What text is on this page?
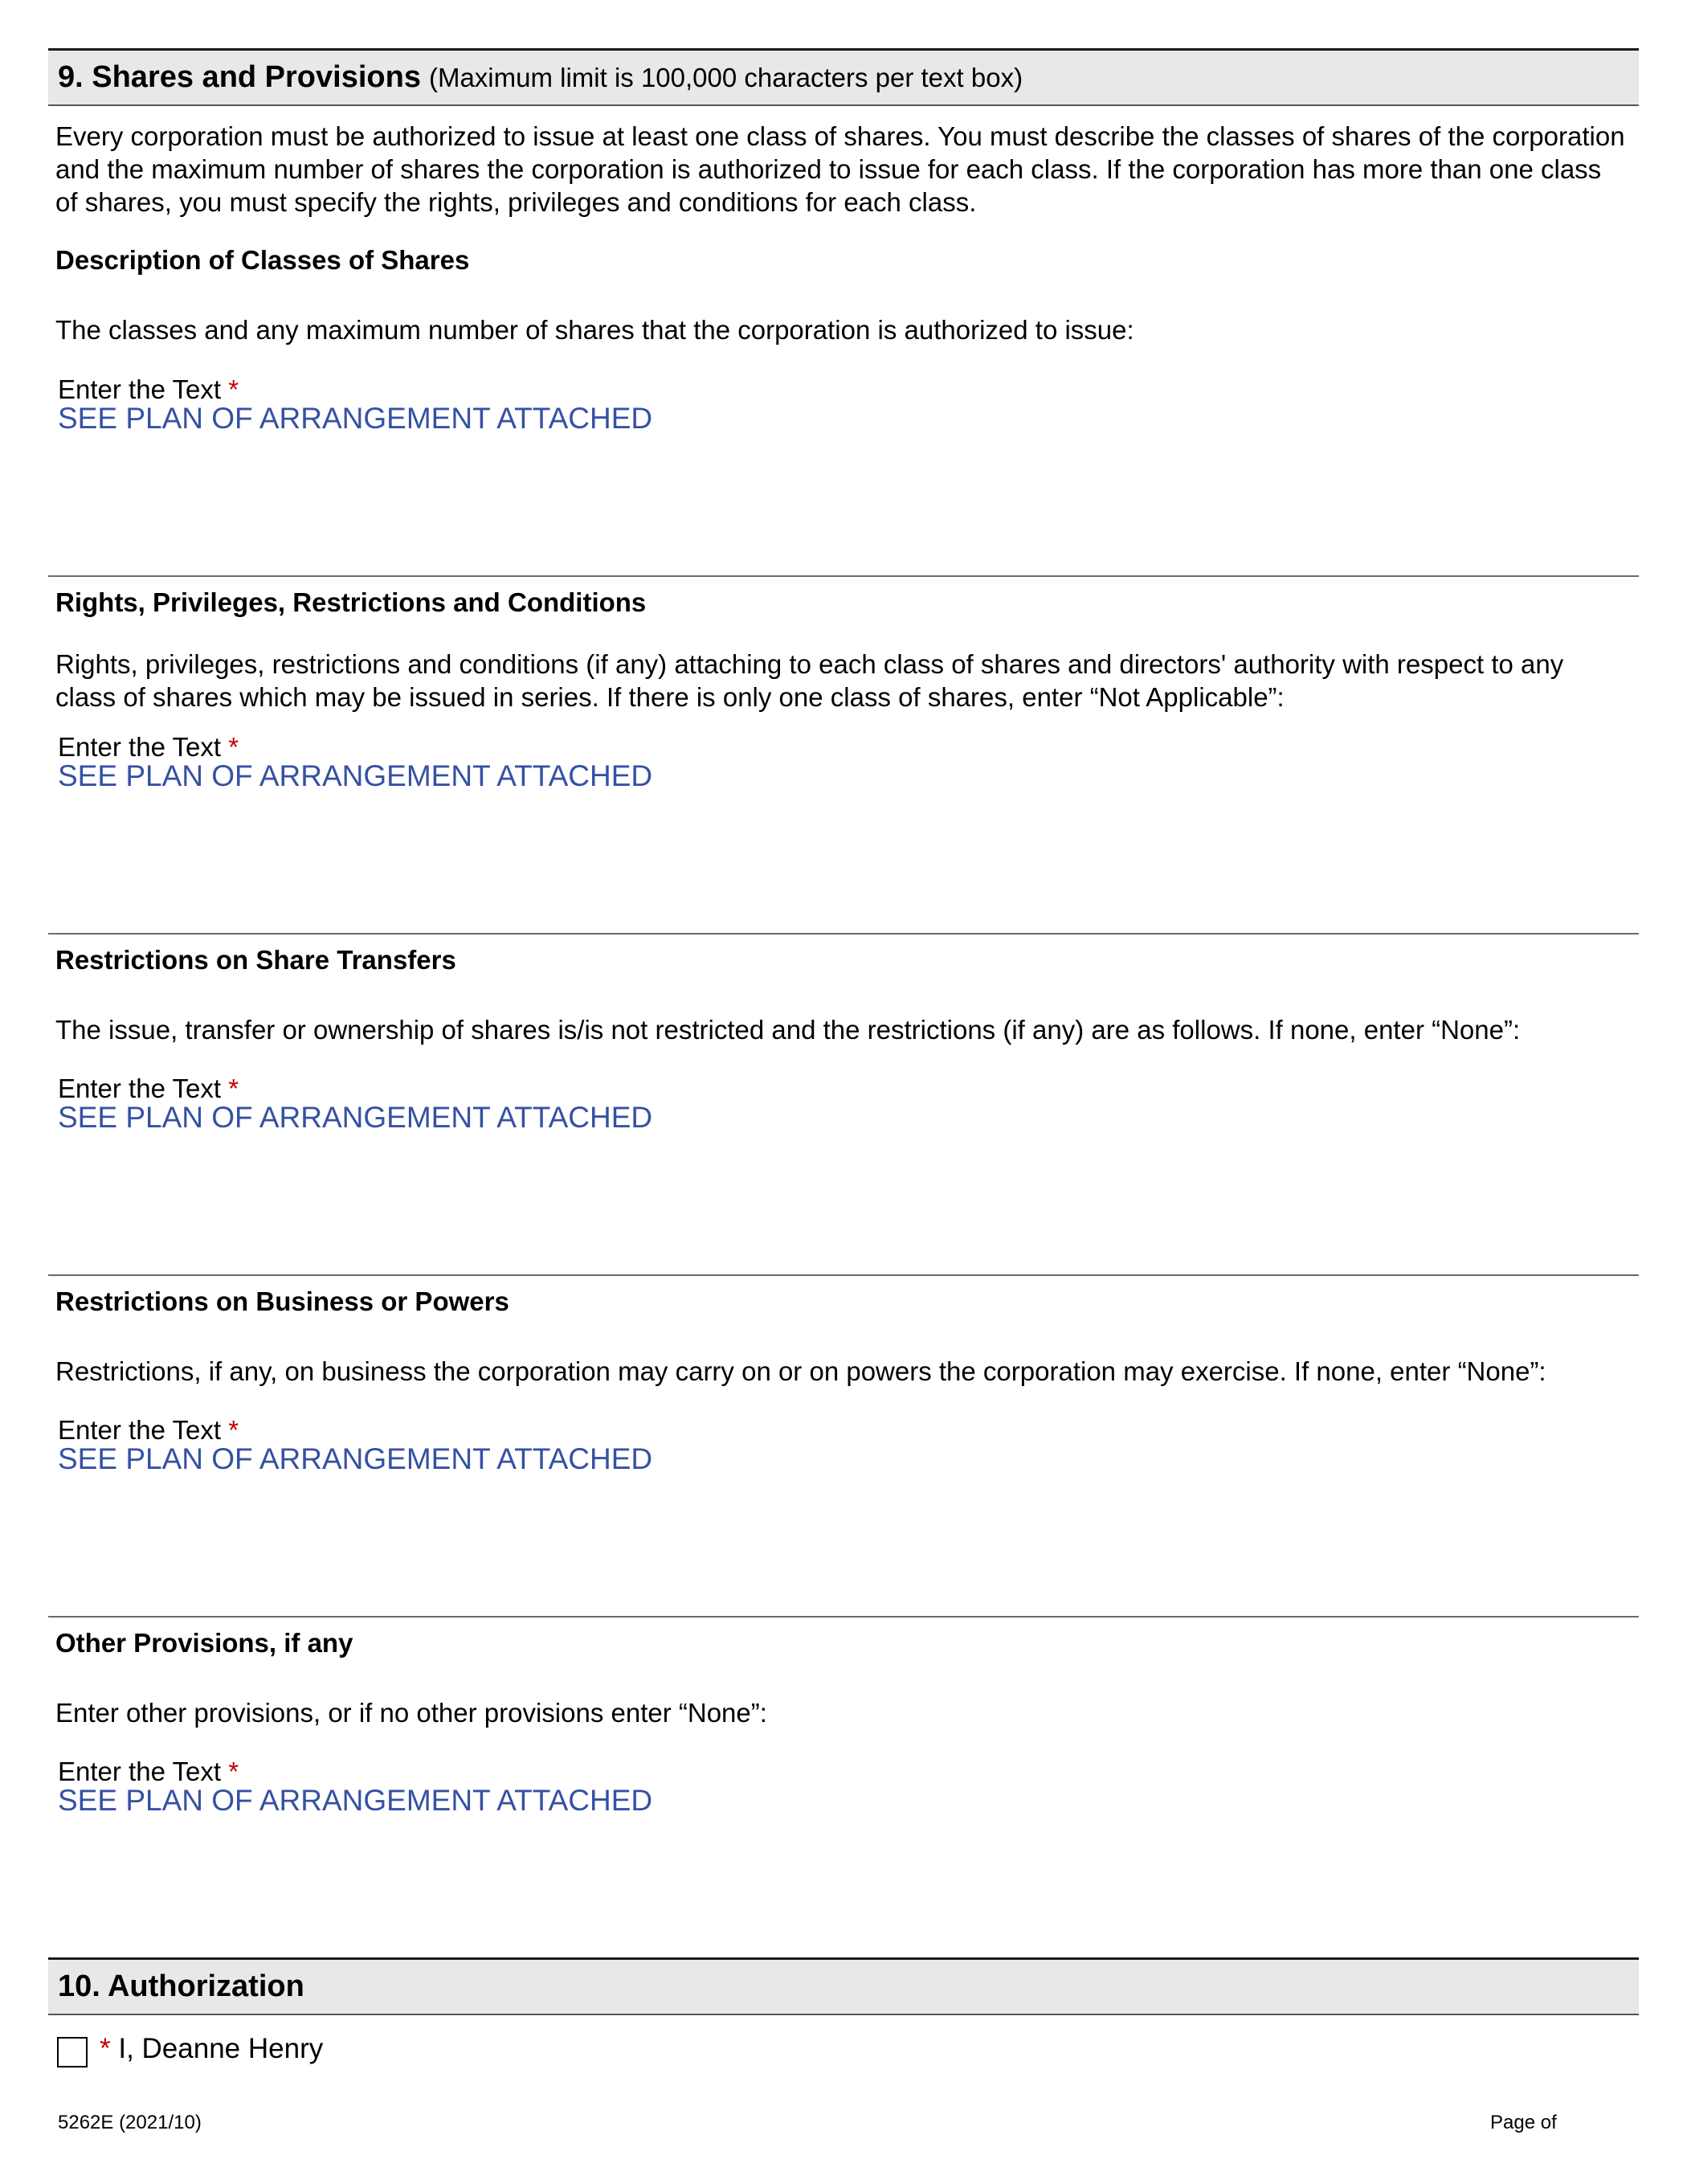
9. Shares and Provisions (Maximum limit is 100,000 characters per text box)
Every corporation must be authorized to issue at least one class of shares. You must describe the classes of shares of the corporation and the maximum number of shares the corporation is authorized to issue for each class. If the corporation has more than one class of shares, you must specify the rights, privileges and conditions for each class.
Description of Classes of Shares
The classes and any maximum number of shares that the corporation is authorized to issue:
Enter the Text *
SEE PLAN OF ARRANGEMENT ATTACHED
Rights, Privileges, Restrictions and Conditions
Rights, privileges, restrictions and conditions (if any) attaching to each class of shares and directors' authority with respect to any class of shares which may be issued in series. If there is only one class of shares, enter “Not Applicable”:
Enter the Text *
SEE PLAN OF ARRANGEMENT ATTACHED
Restrictions on Share Transfers
The issue, transfer or ownership of shares is/is not restricted and the restrictions (if any) are as follows. If none, enter “None”:
Enter the Text *
SEE PLAN OF ARRANGEMENT ATTACHED
Restrictions on Business or Powers
Restrictions, if any, on business the corporation may carry on or on powers the corporation may exercise. If none, enter “None”:
Enter the Text *
SEE PLAN OF ARRANGEMENT ATTACHED
Other Provisions, if any
Enter other provisions, or if no other provisions enter “None”:
Enter the Text *
SEE PLAN OF ARRANGEMENT ATTACHED
10. Authorization
* I, Deanne Henry
5262E (2021/10)	Page of
